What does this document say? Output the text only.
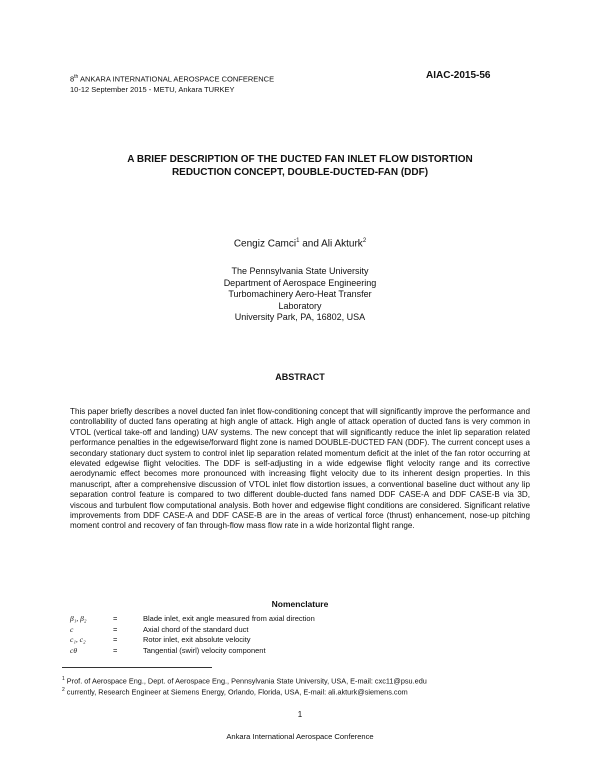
8th ANKARA INTERNATIONAL AEROSPACE CONFERENCE
10-12 September 2015 - METU, Ankara TURKEY
AIAC-2015-56
A BRIEF DESCRIPTION OF THE DUCTED FAN INLET FLOW DISTORTION
REDUCTION CONCEPT, DOUBLE-DUCTED-FAN (DDF)
Cengiz Camci$^1$ and Ali Akturk$^2$
The Pennsylvania State University
Department of Aerospace Engineering
Turbomachinery Aero-Heat Transfer
Laboratory
University Park, PA, 16802, USA
ABSTRACT
This paper briefly describes a novel ducted fan inlet flow-conditioning concept that will significantly improve the performance and controllability of ducted fans operating at high angle of attack. High angle of attack operation of ducted fans is very common in VTOL (vertical take-off and landing) UAV systems. The new concept that will significantly reduce the inlet lip separation related performance penalties in the edgewise/forward flight zone is named DOUBLE-DUCTED FAN (DDF). The current concept uses a secondary stationary duct system to control inlet lip separation related momentum deficit at the inlet of the fan rotor occurring at elevated edgewise flight velocities. The DDF is self-adjusting in a wide edgewise flight velocity range and its corrective aerodynamic effect becomes more pronounced with increasing flight velocity due to its inherent design properties. In this manuscript, after a comprehensive discussion of VTOL inlet flow distortion issues, a conventional baseline duct without any lip separation control feature is compared to two different double-ducted fans named DDF CASE-A and DDF CASE-B via 3D, viscous and turbulent flow computational analysis. Both hover and edgewise flight conditions are considered. Significant relative improvements from DDF CASE-A and DDF CASE-B are in the areas of vertical force (thrust) enhancement, nose-up pitching moment control and recovery of fan through-flow mass flow rate in a wide horizontal flight range.
Nomenclature
β₁, β₂	=	Blade inlet, exit angle measured from axial direction
c	=	Axial chord of the standard duct
c₁, c₂	=	Rotor inlet, exit absolute velocity
cθ	=	Tangential (swirl) velocity component
$^1$ Prof. of Aerospace Eng., Dept. of Aerospace Eng., Pennsylvania State University, USA, E-mail: cxc11@psu.edu
$^2$ currently, Research Engineer at Siemens Energy, Orlando, Florida, USA, E-mail: ali.akturk@siemens.com
1
Ankara International Aerospace Conference
